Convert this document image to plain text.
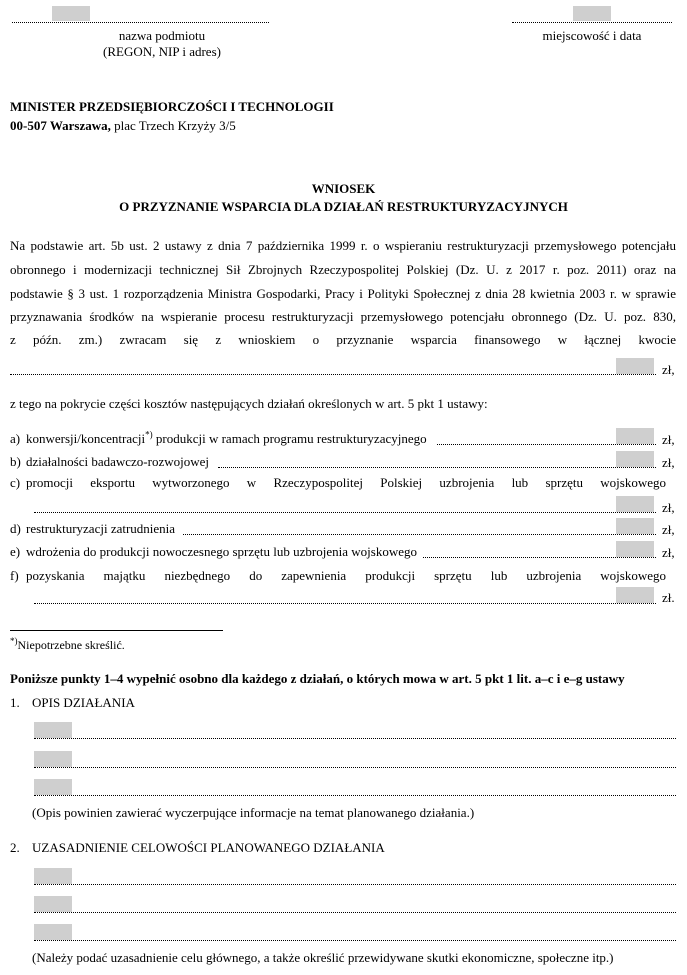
nazwa podmiotu
(REGON, NIP i adres)
miejscowość i data
MINISTER PRZEDSIĘBIORCZOŚCI I TECHNOLOGII
00-507 Warszawa, plac Trzech Krzyży 3/5
WNIOSEK
O PRZYZNANIE WSPARCIA DLA DZIAŁAŃ RESTRUKTURYZACYJNYCH
Na podstawie art. 5b ust. 2 ustawy z dnia 7 października 1999 r. o wspieraniu restrukturyzacji przemysłowego potencjału
obronnego i modernizacji technicznej Sił Zbrojnych Rzeczypospolitej Polskiej (Dz. U. z 2017 r. poz. 2011) oraz na
podstawie § 3 ust. 1 rozporządzenia Ministra Gospodarki, Pracy i Polityki Społecznej z dnia 28 kwietnia 2003 r. w sprawie
przyznawania środków na wspieranie procesu restrukturyzacji przemysłowego potencjału obronnego (Dz. U. poz. 830,
z późn. zm.) zwracam się z wnioskiem o przyznanie wsparcia finansowego w łącznej kwocie
zł,
z tego na pokrycie części kosztów następujących działań określonych w art. 5 pkt 1 ustawy:
a) konwersji/koncentracji*) produkcji w ramach programu restrukturyzacyjnego	zł,
b) działalności badawczo-rozwojowej	zł,
c) promocji eksportu wytworzonego w Rzeczypospolitej Polskiej uzbrojenia lub sprzętu wojskowego
zł,
d) restrukturyzacji zatrudnienia	zł,
e) wdrożenia do produkcji nowoczesnego sprzętu lub uzbrojenia wojskowego	zł,
f) pozyskania majątku niezbędnego do zapewnienia produkcji sprzętu lub uzbrojenia wojskowego
zł.
*)Niepotrzebne skreślić.
Poniższe punkty 1–4 wypełnić osobno dla każdego z działań, o których mowa w art. 5 pkt 1 lit. a–c i e–g ustawy
1. OPIS DZIAŁANIA
(Opis powinien zawierać wyczerpujące informacje na temat planowanego działania.)
2. UZASADNIENIE CELOWOŚCI PLANOWANEGO DZIAŁANIA
(Należy podać uzasadnienie celu głównego, a także określić przewidywane skutki ekonomiczne, społeczne itp.)
